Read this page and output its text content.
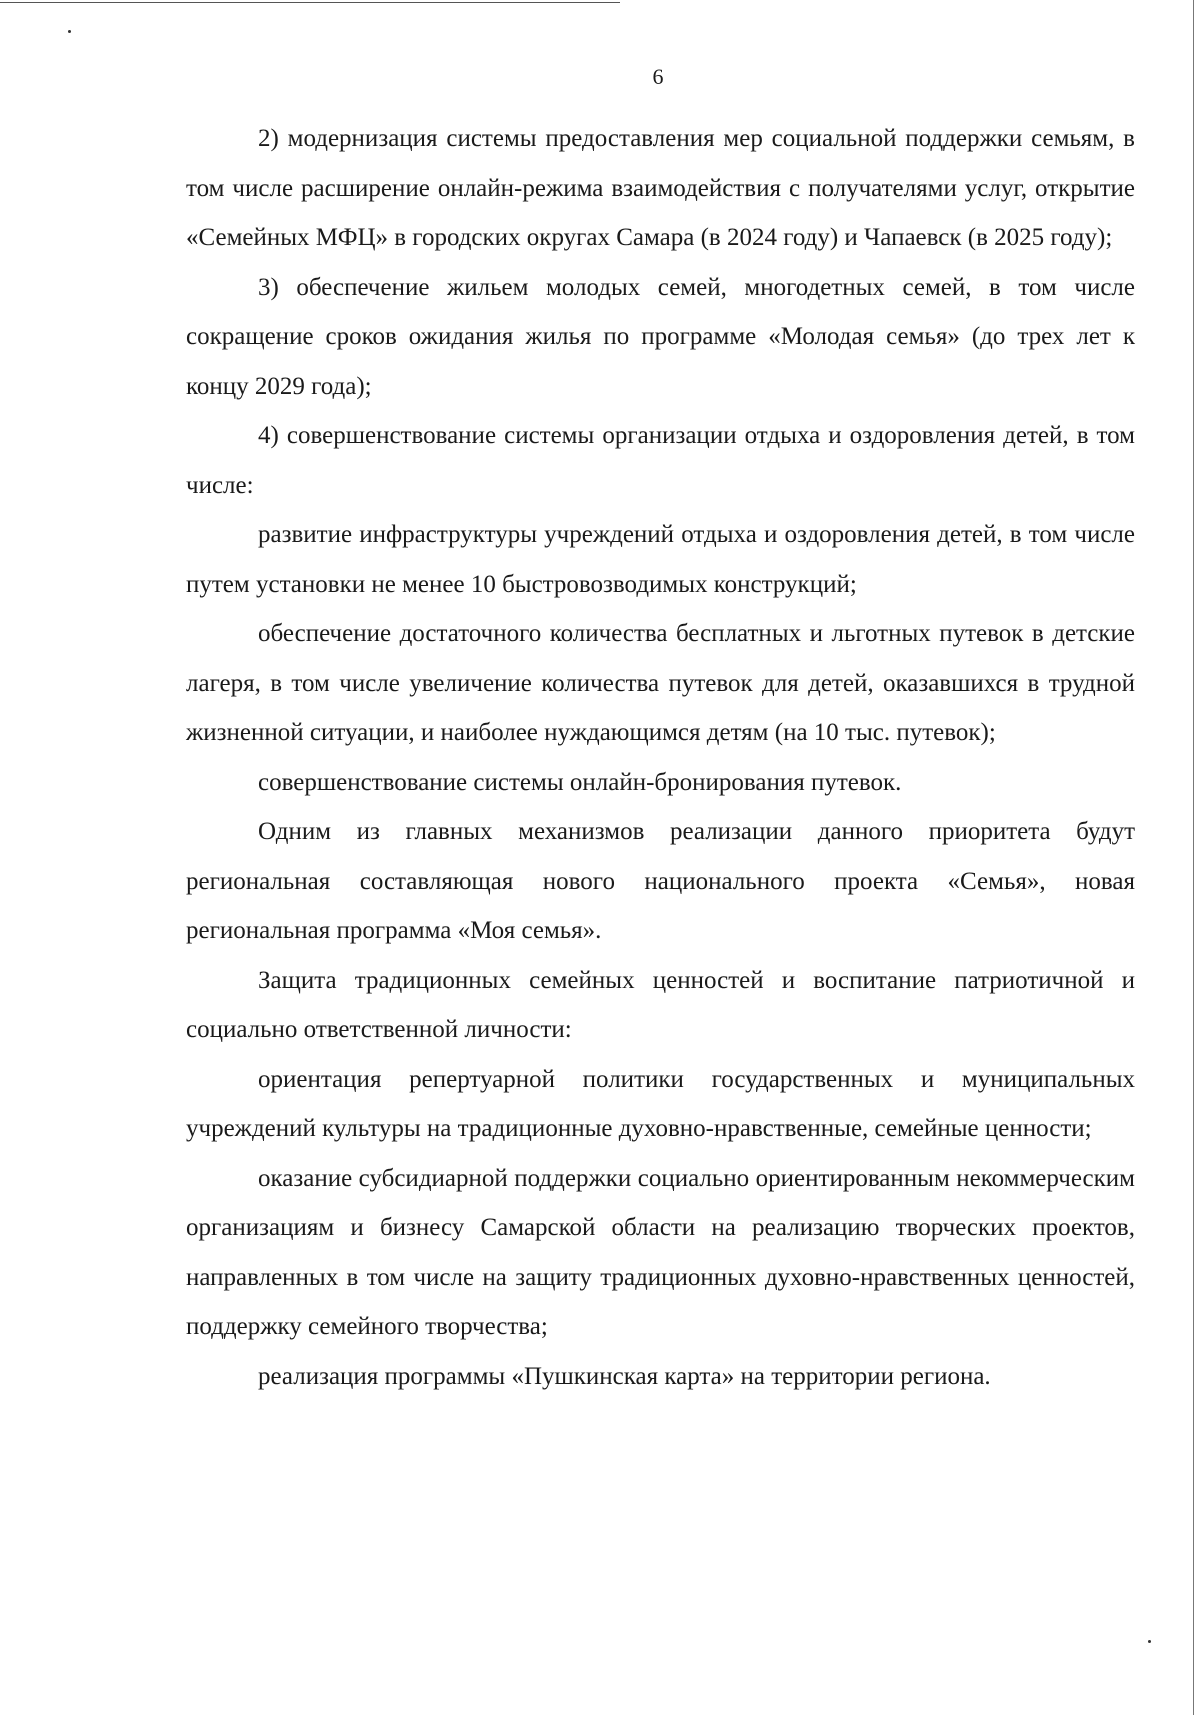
6

2) модернизация системы предоставления мер социальной поддержки семьям, в том числе расширение онлайн-режима взаимодействия с получателями услуг, открытие «Семейных МФЦ» в городских округах Самара (в 2024 году) и Чапаевск (в 2025 году);

3) обеспечение жильем молодых семей, многодетных семей, в том числе сокращение сроков ожидания жилья по программе «Молодая семья» (до трех лет к концу 2029 года);

4) совершенствование системы организации отдыха и оздоровления детей, в том числе:

развитие инфраструктуры учреждений отдыха и оздоровления детей, в том числе путем установки не менее 10 быстровозводимых конструкций;

обеспечение достаточного количества бесплатных и льготных путевок в детские лагеря, в том числе увеличение количества путевок для детей, оказавшихся в трудной жизненной ситуации, и наиболее нуждающимся детям (на 10 тыс. путевок);

совершенствование системы онлайн-бронирования путевок.

Одним из главных механизмов реализации данного приоритета будут региональная составляющая нового национального проекта «Семья», новая региональная программа «Моя семья».

Защита традиционных семейных ценностей и воспитание патриотичной и социально ответственной личности:

ориентация репертуарной политики государственных и муниципальных учреждений культуры на традиционные духовно-нравственные, семейные ценности;

оказание субсидиарной поддержки социально ориентированным некоммерческим организациям и бизнесу Самарской области на реализацию творческих проектов, направленных в том числе на защиту традиционных духовно-нравственных ценностей, поддержку семейного творчества;

реализация программы «Пушкинская карта» на территории региона.
